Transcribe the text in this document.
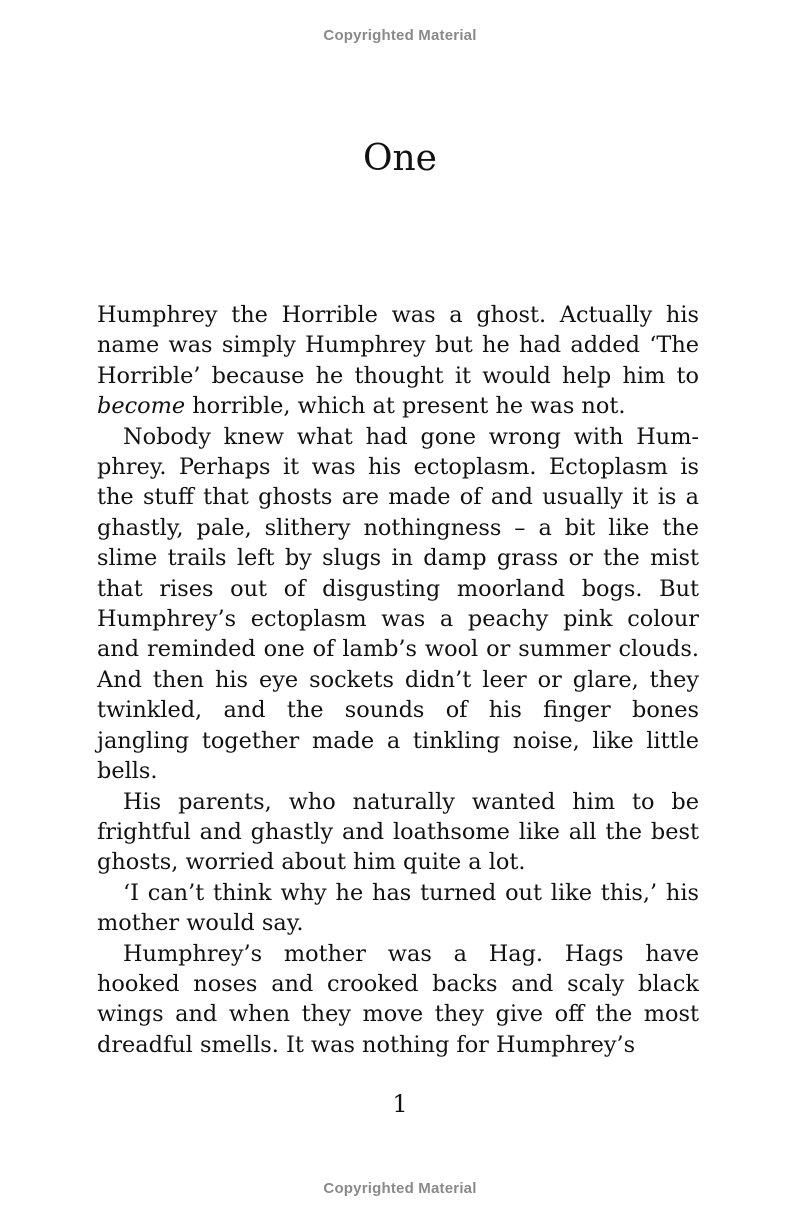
Copyrighted Material
One

Humphrey the Horrible was a ghost. Actually his name was simply Humphrey but he had added ‘The Horrible’ because he thought it would help him to become horrible, which at present he was not.

Nobody knew what had gone wrong with Humphrey. Perhaps it was his ectoplasm. Ectoplasm is the stuff that ghosts are made of and usually it is a ghastly, pale, slithery nothingness – a bit like the slime trails left by slugs in damp grass or the mist that rises out of disgusting moorland bogs. But Humphrey’s ectoplasm was a peachy pink colour and reminded one of lamb’s wool or summer clouds. And then his eye sockets didn’t leer or glare, they twinkled, and the sounds of his finger bones jangling together made a tinkling noise, like little bells.

His parents, who naturally wanted him to be frightful and ghastly and loathsome like all the best ghosts, worried about him quite a lot.

‘I can’t think why he has turned out like this,’ his mother would say.

Humphrey’s mother was a Hag. Hags have hooked noses and crooked backs and scaly black wings and when they move they give off the most dreadful smells. It was nothing for Humphrey’s

1
Copyrighted Material
